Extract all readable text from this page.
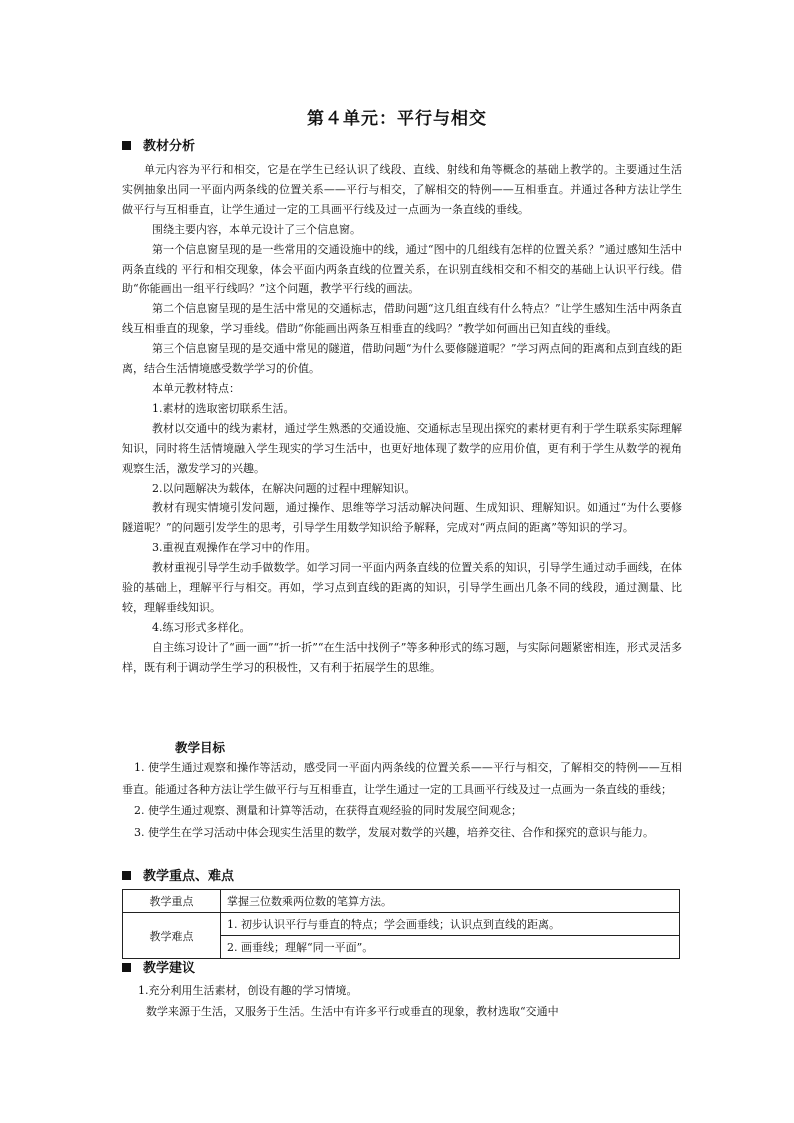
第４单元：平行与相交
教材分析

单元内容为平行和相交，它是在学生已经认识了线段、直线、射线和角等概念的基础上教学的。主要通过生活实例抽象出同一平面内两条线的位置关系——平行与相交，了解相交的特例——互相垂直。并通过各种方法让学生做平行与互相垂直，让学生通过一定的工具画平行线及过一点画为一条直线的垂线。

围绕主要内容，本单元设计了三个信息窗。

第一个信息窗呈现的是一些常用的交通设施中的线，通过“图中的几组线有怎样的位置关系？”通过感知生活中两条直线的 平行和相交现象，体会平面内两条直线的位置关系，在识别直线相交和不相交的基础上认识平行线。借助“你能画出一组平行线吗？”这个问题，教学平行线的画法。

第二个信息窗呈现的是生活中常见的交通标志，借助问题“这几组直线有什么特点？”让学生感知生活中两条直线互相垂直的现象，学习垂线。借助“你能画出两条互相垂直的线吗？”教学如何画出已知直线的垂线。

第三个信息窗呈现的是交通中常见的隧道，借助问题“为什么要修隧道呢？”学习两点间的距离和点到直线的距离，结合生活情境感受数学学习的价值。

本单元教材特点：

1.素材的选取密切联系生活。

教材以交通中的线为素材，通过学生熟悉的交通设施、交通标志呈现出探究的素材更有利于学生联系实际理解知识，同时将生活情境融入学生现实的学习生活中，也更好地体现了数学的应用价值，更有利于学生从数学的视角观察生活，激发学习的兴趣。

2.以问题解决为载体，在解决问题的过程中理解知识。

教材有现实情境引发问题，通过操作、思维等学习活动解决问题、生成知识、理解知识。如通过“为什么要修隧道呢？”的问题引发学生的思考，引导学生用数学知识给予解释，完成对“两点间的距离”等知识的学习。

3.重视直观操作在学习中的作用。

教材重视引导学生动手做数学。如学习同一平面内两条直线的位置关系的知识，引导学生通过动手画线，在体验的基础上，理解平行与相交。再如，学习点到直线的距离的知识，引导学生画出几条不同的线段，通过测量、比较，理解垂线知识。

4.练习形式多样化。

自主练习设计了“画一画”“折一折”“在生活中找例子”等多种形式的练习题，与实际问题紧密相连，形式灵活多样，既有利于调动学生学习的积极性，又有利于拓展学生的思维。

教学目标

1. 使学生通过观察和操作等活动，感受同一平面内两条线的位置关系——平行与相交，了解相交的特例——互相垂直。能通过各种方法让学生做平行与互相垂直，让学生通过一定的工具画平行线及过一点画为一条直线的垂线；

2. 使学生通过观察、测量和计算等活动，在获得直观经验的同时发展空间观念；

3. 使学生在学习活动中体会现实生活里的数学，发展对数学的兴趣，培养交往、合作和探究的意识与能力。

教学重点、难点
教学重点	掌握三位数乘两位数的笔算方法。
教学难点	1. 初步认识平行与垂直的特点；学会画垂线；认识点到直线的距离。
	2. 画垂线；理解“同一平面”。
教学建议

1.充分利用生活素材，创设有趣的学习情境。

数学来源于生活，又服务于生活。生活中有许多平行或垂直的现象，教材选取“交通中
